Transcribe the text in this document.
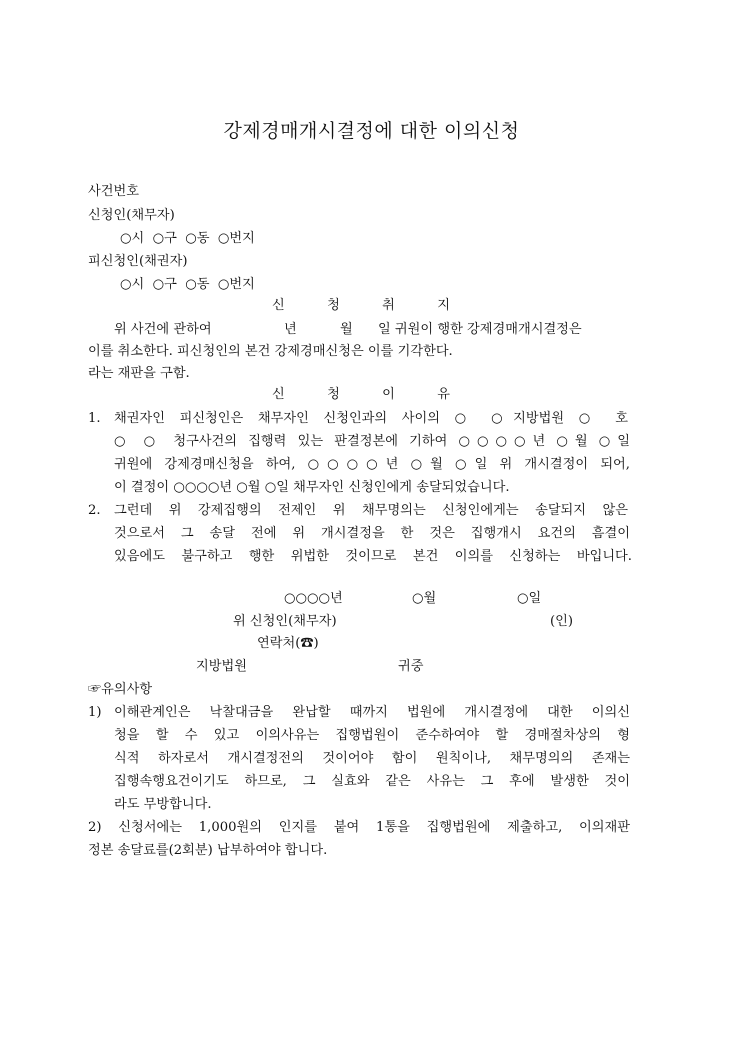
강제경매개시결정에 대한 이의신청
사건번호
신청인(채무자)
○시  ○구  ○동  ○번지
피신청인(채권자)
○시  ○구  ○동  ○번지
신	청	취	지
위 사건에 관하여	년	월 일 귀원이 행한 강제경매개시결정은
이를 취소한다. 피신청인의 본건 강제경매신청은 이를 기각한다.
라는 재판을 구함.
신	청	이	유
1. 채권자인 피신청인은 채무자인 신청인과의 사이의 ○ ○지방법원 ○ 호
○ ○ 청구사건의 집행력 있는 판결정본에 기하여 ○○○○년 ○월 ○일
귀원에 강제경매신청을 하여, ○○○○년 ○월 ○일 위 개시결정이 되어,
이 결정이 ○○○○년 ○월 ○일 채무자인 신청인에게 송달되었습니다.
2. 그런데 위 강제집행의 전제인 위 채무명의는 신청인에게는 송달되지 않은
것으로서 그 송달 전에 위 개시결정을 한 것은 집행개시 요건의 흠결이
있음에도 불구하고 행한 위법한 것이므로 본건 이의를 신청하는 바입니다.
○○○○년	○월	○일
위 신청인(채무자)	(인)
연락처(☎)
지방법원	귀중
☞유의사항
1) 이해관계인은 낙찰대금을 완납할 때까지 법원에 개시결정에 대한 이의신
청을 할 수 있고 이의사유는 집행법원이 준수하여야 할 경매절차상의 형
식적 하자로서 개시결정전의 것이어야 함이 원칙이나, 채무명의의 존재는
집행속행요건이기도 하므로, 그 실효와 같은 사유는 그 후에 발생한 것이
라도 무방합니다.
2) 신청서에는 1,000원의 인지를 붙여 1통을 집행법원에 제출하고, 이의재판
정본 송달료를(2회분) 납부하여야 합니다.
